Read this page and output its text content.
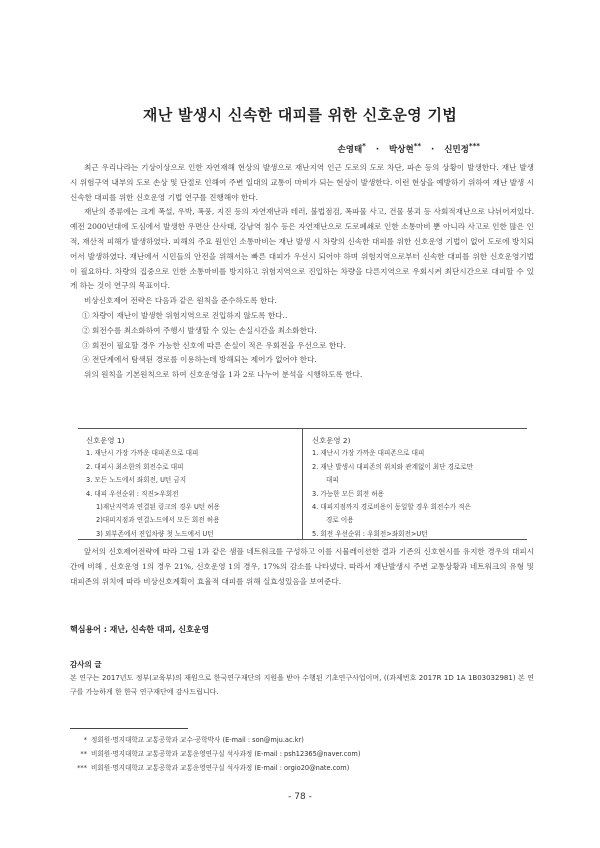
재난 발생시 신속한 대피를 위한 신호운영 기법
손영태* · 박상현** · 신민정***

최근 우리나라는 기상이상으로 인한 자연재해 현상의 발생으로 재난지역 인근 도로의 도로 차단, 파손 등의 상황이 발생한다. 재난 발생 시 위험구역 내부의 도로 손상 및 단절로 인해여 주변 일대의 교통이 마비가 되는 현상이 발생한다. 이런 현상을 예방하기 위하여 재난 발생 시 신속한 대피를 위한 신호운영 기법 연구를 진행해야 한다.

재난의 종류에는 크게 폭설, 우박, 폭풍, 지진 등의 자연재난과 테러, 불법점검, 폭파물 사고, 건물 붕괴 등 사회적재난으로 나뉘어져있다. 예전 2000년대에 도심에서 발생한 우면산 산사태, 강남역 침수 등은 자연재난으로 도로폐쇄로 인한 소통마비 뿐 아니라 사고로 인한 많은 인적, 재산적 피해가 발생하였다. 피해의 주요 원인인 소통마비는 재난 발생 시 차량의 신속한 대피를 위한 신호운영 기법이 없어 도로에 방치되어서 발생하였다. 재난에서 시민들의 안전을 위해서는 빠른 대피가 우선시 되어야 하며 위험지역으로부터 신속한 대피를 위한 신호운영기법이 필요하다. 차량의 집중으로 인한 소통마비를 방지하고 위험지역으로 진입하는 차량을 다른지역으로 우회시켜 최단시간으로 대피할 수 있게 하는 것이 연구의 목표이다.

비상신호제어 전략은 다음과 같은 원칙을 준수하도록 한다.

① 차량이 재난이 발생한 위험지역으로 진입하지 않도록 한다..

② 회전수를 최소화하여 주행시 발생할 수 있는 손실시간을 최소화한다.

③ 회전이 필요할 경우 가능한 신호에 따른 손실이 적은 우회전을 우선으로 한다.

④ 전단계에서 탐색된 경로를 이용하는데 방해되는 제어가 없어야 한다.

위의 원칙을 기본원칙으로 하여 신호운영을 1과 2로 나누어 분석을 시행하도록 한다.

신호운영 1)
1. 재난시 가장 가까운 대피존으로 대피
2. 대피시 최소한의 회전수로 대피
3. 모든 노드에서 좌회전, U턴 금지
4. 대피 우선순위 : 직진>우회전
1)재난지역과 연결된 링크의 경우 U턴 허용
2)대피지점과 연결노드에서 모든 회전 허용
3) 외부존에서 진입차량 첫 노드에서 U턴
신호운영 2)
1. 재난시 가장 가까운 대피존으로 대피
2. 재난 발생시 대피존의 위치와 관계없이 최단 경로로만
대피
3. 가능한 모든 회전 허용
4. 대피지점까지 경로비용이 동일할 경우 회전수가 적은
경로 이용
5. 회전 우선순위 : 우회전>좌회전>U턴

앞서의 신호제어전략에 따라 그림 1과 같은 샘플 네트워크를 구성하고 이를 시뮬레이션한 결과 기존의 신호현시를 유지한 경우의 대피시간에 비해 , 신호운영 1의 경우 21%, 신호운영 1의 경우, 17%의 감소를 나타냈다. 따라서 재난발생시 주변 교통상황과 네트워크의 유형 및 대피존의 위치에 따라 비상신호계획이 효율적 대피를 위해 실효성있음을 보여준다.

핵심용어 : 재난, 신속한 대피, 신호운영
감사의 글
본 연구는 2017년도 정부(교육부)의 재원으로 한국연구재단의 지원을 받아 수행된 기초연구사업이며, ((과제번호 2017R 1D 1A 1B03032981) 본 연구를 가능하게 한 한국 연구재단에 감사드립니다.
* 정회원·명지대학교 교통공학과 교수·공학박사 (E-mail : son@mju.ac.kr)
** 비회원·명지대학교 교통공학과 교통운영연구실 석사과정 (E-mail : psh12365@naver.com)
*** 비회원·명지대학교 교통공학과 교통운영연구실 석사과정 (E-mail : orgio20@nate.com)
- 78 -
